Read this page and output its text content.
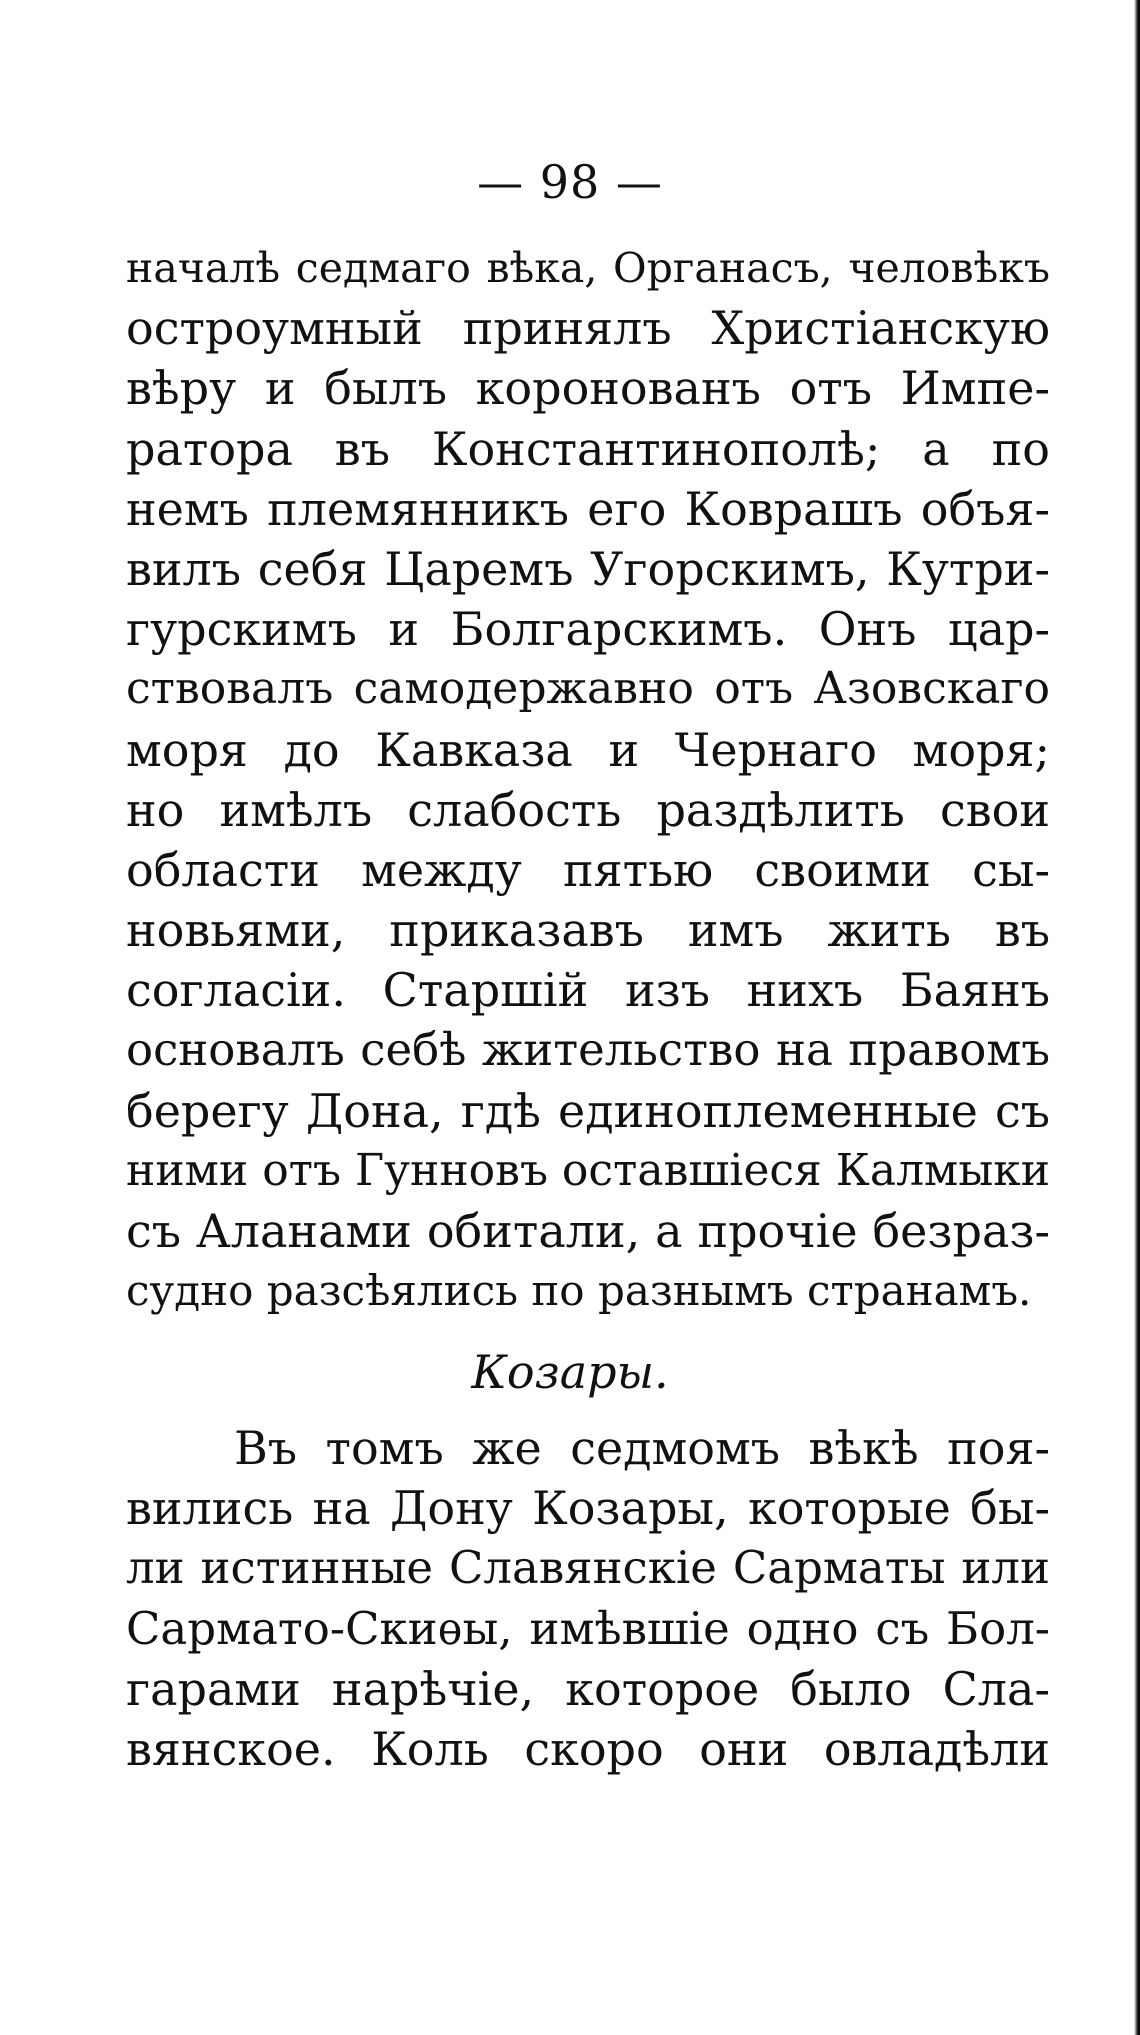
— 98 —
началѣ седмаго вѣка, Органасъ, человѣкъ
остроумный принялъ Христіанскую
вѣру и былъ коронованъ отъ Импе-
ратора въ Константинополѣ; а по
немъ племянникъ его Коврашъ объя-
вилъ себя Царемъ Угорскимъ, Кутри-
гурскимъ и Болгарскимъ. Онъ цар-
ствовалъ самодержавно отъ Азовскаго
моря до Кавказа и Чернаго моря;
но имѣлъ слабость раздѣлить свои
области между пятью своими сы-
новьями, приказавъ имъ жить въ
согласіи. Старшій изъ нихъ Баянъ
основалъ себѣ жительство на правомъ
берегу Дона, гдѣ единоплеменные съ
ними отъ Гунновъ оставшіеся Калмыки
съ Аланами обитали, а прочіе безраз-
судно разсѣялись по разнымъ странамъ.
Козары.
Въ томъ же седмомъ вѣкѣ поя-
вились на Дону Козары, которые бы-
ли истинные Славянскіе Сарматы или
Сармато-Скиѳы, имѣвшіе одно съ Бол-
гарами нарѣчіе, которое было Сла-
вянское. Коль скоро они овладѣли
